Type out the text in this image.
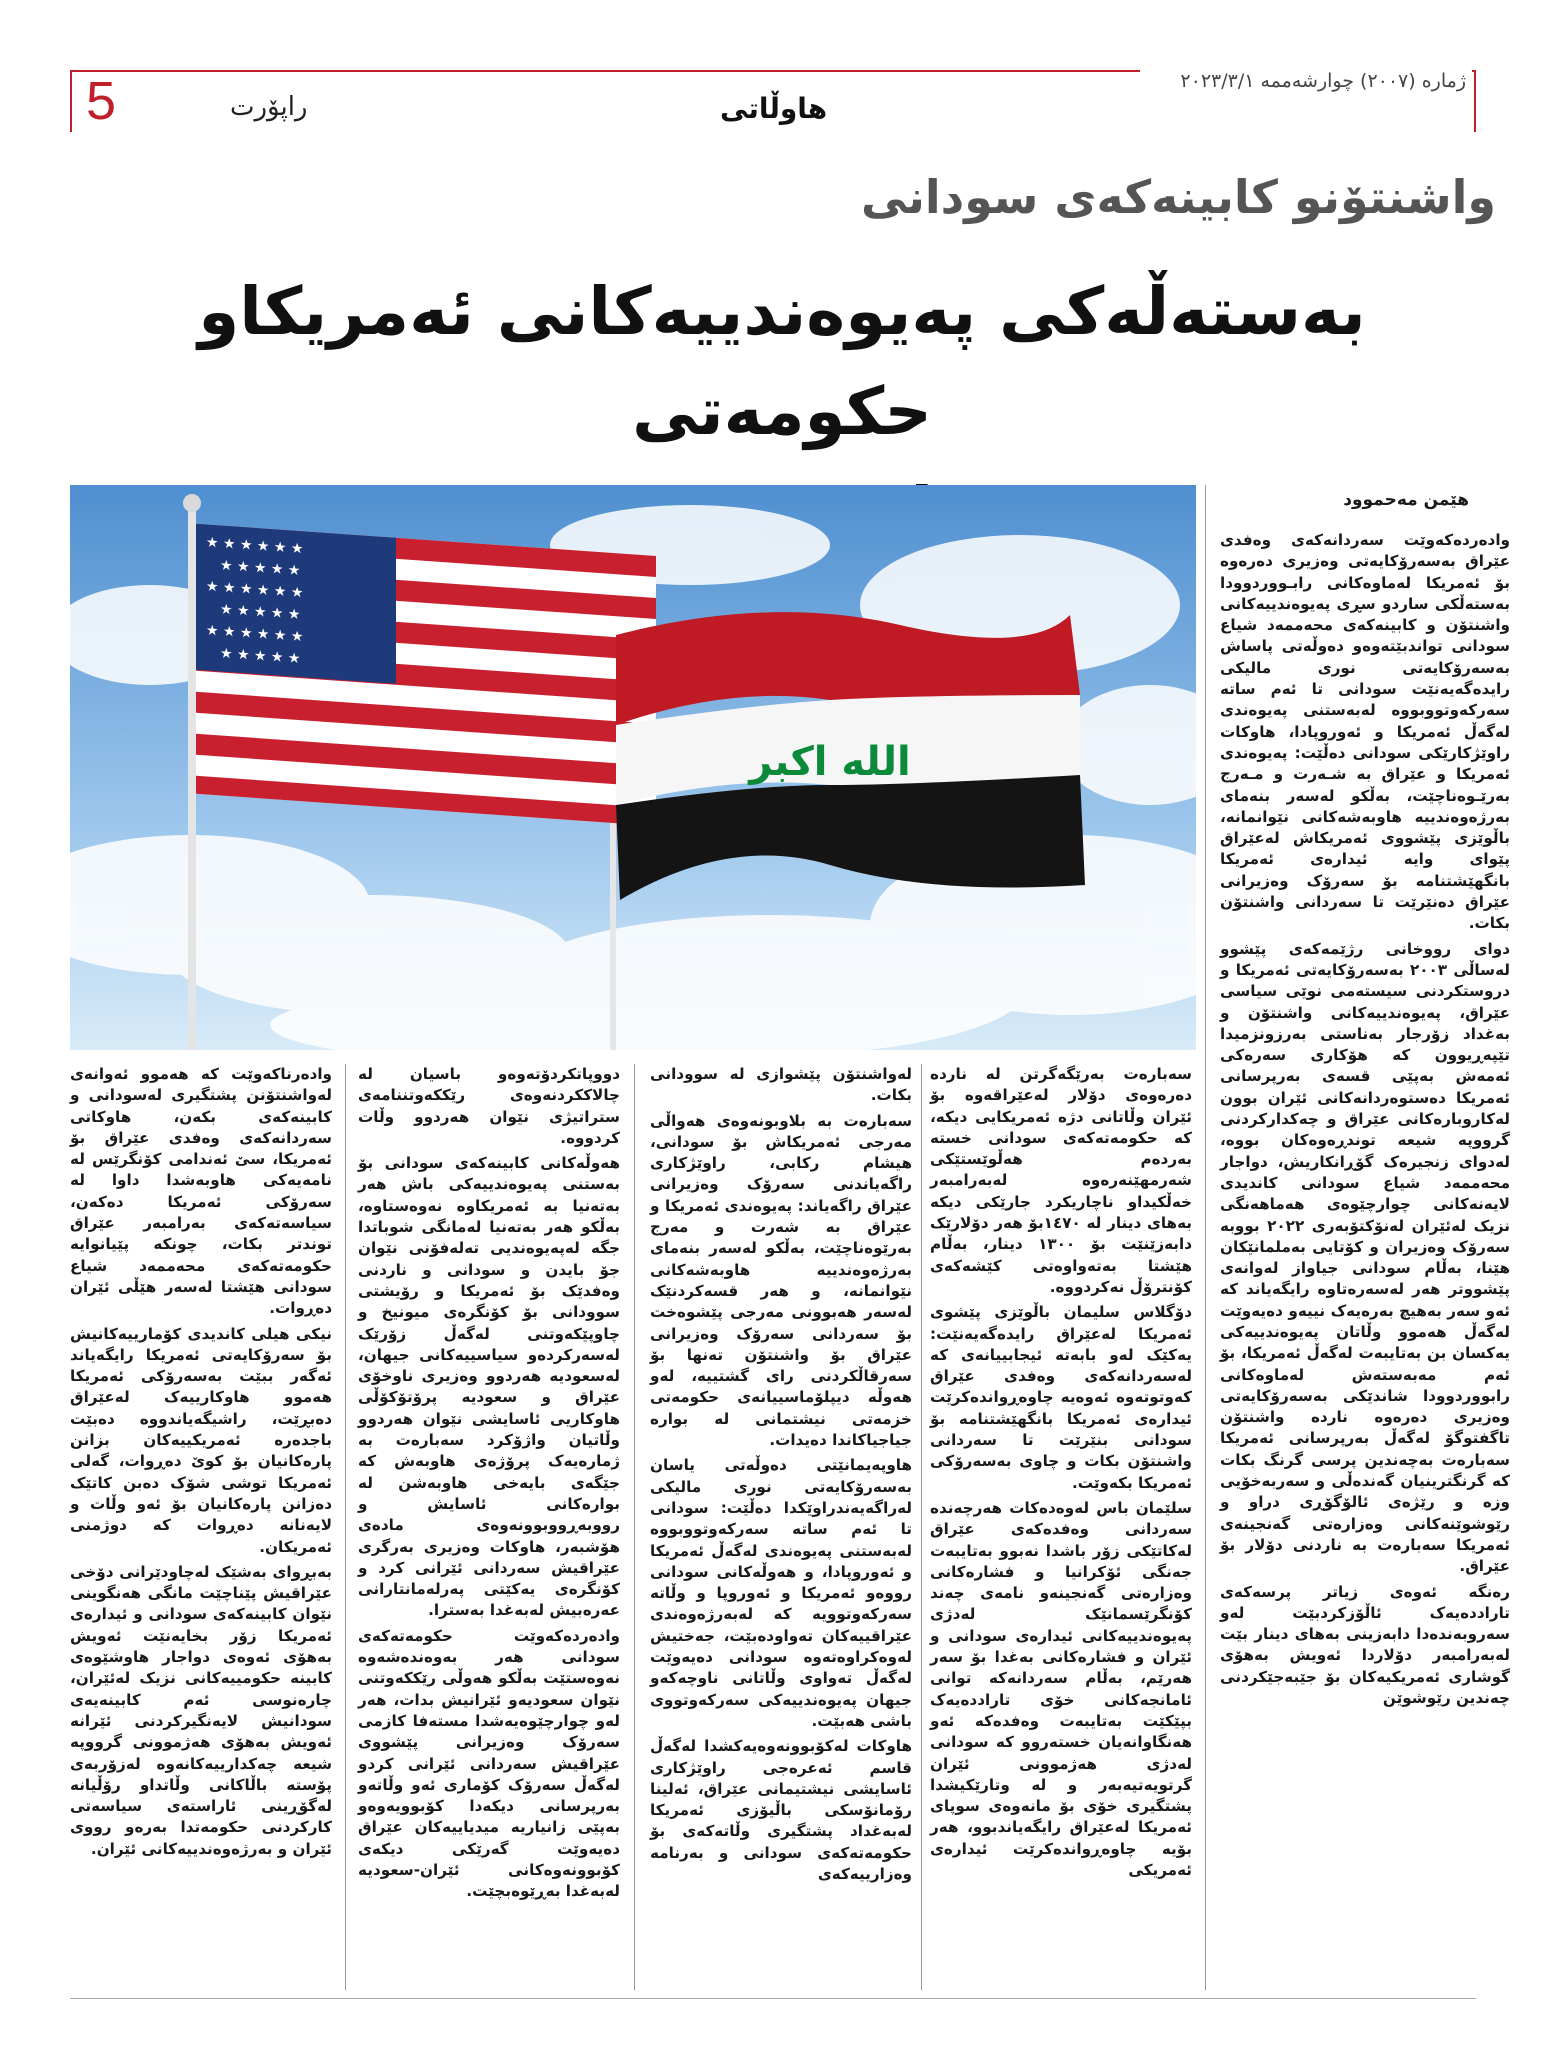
5	راپۆرت	هاوڵاتی
ژمارە (٢٠٠٧) چوارشەممە ٢٠٢٣/٣/١
واشنتۆنو کابینەکەی سودانی
بەستەڵەکی پەیوەندییەکانی ئەمریکاو حکومەتی
★ ★ ★ ★ ★ ★
★ ★ ★ ★ ★
★ ★ ★ ★ ★ ★
★ ★ ★ ★ ★
★ ★ ★ ★ ★ ★
★ ★ ★ ★ ★
الله اكبر
هێمن مەحموود

وادەردەکەوێت سەردانەکەی وەفدی عێراق بەسەرۆکایەتی وەزیری دەرەوە بۆ ئەمریکا لەماوەکانی رابـووردوودا بەستەڵکی ساردو سڕی پەیوەندییەکانی واشنتۆن و کابینەکەی محەممەد شیاع سودانی تواندبێتەوەو دەوڵەتی پاساش بەسەرۆکایەتی نوری مالیکی رایدەگەیەنێت سودانی تا ئەم ساتە سەرکەوتووبووە لەبەستنی پەیوەندی لەگەڵ ئەمریکا و ئەوروپادا، هاوکات راوێژکارێکی سودانی دەڵێت: پەیوەندی ئەمریکا و عێراق بە شـەرت و مـەرج بەرێـوەناچێت، بەڵکو لەسەر بنەمای بەرژەوەندییە هاوبەشەکانی نێوانمانە، باڵوێزی پێشووی ئەمریکاش لەعێراق پێوای وایە ئیدارەی ئەمریکا بانگهێشتنامە بۆ سەرۆک وەزیرانی عێراق دەنێرێت تا سەردانی واشنتۆن بکات.

دوای رووخانی رژێمەکەی پێشوو لەساڵی ٢٠٠٣ بەسەرۆکایەتی ئەمریکا و دروستکردنی سیستەمی نوێی سیاسی عێراق، پەیوەندییەکانی واشنتۆن و بەغداد زۆرجار بەناستی بەرزونزمیدا تێپەڕیوون کە هۆکاری سەرەکی ئەمەش بەپێی قسەی بەرپرسانی ئەمریکا دەستوەردانەکانی ئێران بوون لەکاروبارەکانی عێراق و چەکدارکردنی گرووپە شیعە توندڕەوەکان بووە، لەدوای زنجیرەک گۆڕانکاریش، دواجار محەممەد شیاع سودانی کاندیدی لایەنەکانی چوارچێوەی هەماهەنگی نزیک لەئێران لەنۆکتۆبەری ٢٠٢٢ بووبە سەرۆک وەزیران و کۆتایی بەملمانێکان هێنا، بەڵام سودانی جیاواز لەوانەی پێشووتر هەر لەسەرەتاوە رایگەیاند کە ئەو سەر بەهیچ بەرەیەک نییەو دەیەوێت لەگەڵ هەموو وڵاتان پەیوەندییەکی یەکسان بن بەتایبەت لەگەڵ ئەمریکا، بۆ ئەم مەبەستەش لەماوەکانی رابووردوودا شاندێکی بەسەرۆکایەتی وەزیری دەرەوە ناردە واشنتۆن تاگفتوگۆ لەگەڵ بەرپرسانی ئەمریکا سەبارەت بەچەندین پرسی گرنگ بکات کە گرنگترینیان گەندەڵی و سەربەخۆیی وزە و رێژەی ئالۆگۆڕی دراو و رێوشوێنەکانی وەزارەتی گەنجینەی ئەمریکا سەبارەت بە ناردنی دۆلار بۆ عێراق.

رەنگە ئەوەی زیاتر پرسەکەی تاراددەیەک ئاڵۆزکردبێت لەو سەروبەندەدا دابەزینی بەهای دینار بێت لەبەرامبەر دۆلاردا ئەویش بەهۆی گوشاری ئەمریکیەکان بۆ جێبەجێکردنی چەندین رێوشوێن

سەبارەت بەرێگەگرتن لە ناردە دەرەوەی دۆلار لەعێراقەوە بۆ ئێران وڵاتانی دژە ئەمریکایی دیکە، کە حکومەتەکەی سودانی خستە بەردەم هەڵوێستێکی شەرمهێنەرەوە لەبەرامبەر خەڵکیداو ناچاریکرد جارێکی دیکە بەهای دینار لە ١٤٧٠بۆ هەر دۆلارێک دابەزێنێت بۆ ١٣٠٠ دینار، بەڵام هێشتا بەتەواوەتی کێشەکەی کۆنترۆڵ نەکردووە.

دۆگلاس سلیمان باڵوێزی پێشوی ئەمریکا لەعێراق رایدەگەیەنێت: یەکێک لەو بابەتە ئیجابییانەی کە لەسەردانەکەی وەفدی عێراق کەوتوتەوە ئەوەیە چاوەڕواندەکرێت ئیدارەی ئەمریکا بانگهێشتنامە بۆ سودانی بنێرێت تا سەردانی واشنتۆن بکات و چاوی بەسەرۆکی ئەمریکا بکەوێت.

سلێمان باس لەوەدەکات هەرچەندە سەردانی وەفدەکەی عێراق لەکاتێکی زۆر باشدا نەبوو بەتایبەت جەنگی ئۆکرانیا و فشارەکانی وەزارەتی گەنجینەو نامەی چەند کۆنگرێسمانێک لەدژی پەیوەندییەکانی ئیدارەی سودانی و ئێران و فشارەکانی بەغدا بۆ سەر هەرێم، بەڵام سەردانەکە توانی ئامانجەکانی خۆی تاراددەیەک بپێکێت بەتایبەت وەفدەکە ئەو هەنگاوانەیان خستەروو کە سودانی لەدژی هەژموونی ئێران گرتویەتیەبەر و لە وتارێکیشدا پشتگیری خۆی بۆ مانەوەی سوپای ئەمریکا لەعێراق رایگەیاندبوو، هەر بۆیە چاوەڕواندەکرێت ئیدارەی ئەمریکی

لەواشنتۆن پێشوازی لە سوودانی بکات.

سەبارەت بە بلاوبونەوەی هەواڵی مەرجی ئەمریکاش بۆ سودانی، هیشام رکابی، راوێژکاری راگەیاندنی سەرۆک وەزیرانی عێراق راگەیاند: پەیوەندی ئەمریکا و عێراق بە شەرت و مەرج بەرێوەناچێت، بەڵکو لەسەر بنەمای بەرژەوەندییە هاوبەشەکانی نێوانمانە، و هەر قسەکردنێک لەسەر هەبوونی مەرجی پێشوەخت بۆ سەردانی سەرۆک وەزیرانی عێراق بۆ واشنتۆن تەنها بۆ سەرقاڵکردنی رای گشتییە، لەو هەوڵە دیپلۆماسییانەی حکومەتی خزمەتی نیشتمانی لە بوارە جیاجیاکاندا دەیدات.

هاوپەیمانێتی دەوڵەتی یاسان بەسەرۆکایەتی نوری مالیکی لەراگەیەندراوێکدا دەڵێت: سودانی تا ئەم ساتە سەرکەوتووبووە لەبەستنی پەیوەندی لەگەڵ ئەمریکا و ئەوروپادا، و هەوڵەکانی سودانی رووەو ئەمریکا و ئەوروپا و وڵاتە سەرکەوتوویە کە لەبەرژەوەندی عێراقییەکان تەواودەبێت، جەختیش لەوەکراوەتەوە سودانی دەیەوێت لەگەڵ تەواوی وڵاتانی ناوچەکەو جیهان پەیوەندییەکی سەرکەوتووی باشی هەبێت.

هاوکات لەکۆبوونەوەیەکشدا لەگەڵ قاسم ئەعرەجی راوێژکاری ئاسایشی نیشتیمانی عێراق، ئەلینا رۆمانۆسکی باڵیۆزی ئەمریکا لەبەغداد پشتگیری وڵاتەکەی بۆ حکومەتەکەی سودانی و بەرنامە وەزارییەکەی

دووپاتکردۆتەوەو باسیان لە چالاککردنەوەی رێککەوتننامەی ستراتیژی نێوان هەردوو وڵات کردووە.

هەوڵەکانی کابینەکەی سودانی بۆ بەستنی پەیوەندییەکی باش هەر بەتەنیا بە ئەمریکاوە نەوەستاوە، بەڵکو هەر بەتەنیا لەمانگی شوباتدا جگە لەپەیوەندیی تەلەفۆنی نێوان جۆ بایدن و سودانی و ناردنی وەفدێک بۆ ئەمریکا و رۆیشتی سوودانی بۆ کۆنگرەی میونیخ و چاوپێکەوتنی لەگەڵ زۆرێک لەسەرکردەو سیاسییەکانی جیهان، لەسعودیە هەردوو وەزیری ناوخۆی عێراق و سعودیە پرۆتۆکۆڵی هاوکاریی ئاسایشی نێوان هەردوو وڵاتیان واژۆکرد سەبارەت بە ژمارەیەک پرۆژەی هاوبەش کە جێگەی بایەخی هاوبەشن لە بوارەکانی ئاسایش و رووبەڕووبوونەوەی مادەی هۆشبەر، هاوکات وەزیری بەرگری عێراقیش سەردانی ئێرانی کرد و کۆنگرەی یەکێتی پەرلەمانتارانی عەرەبیش لەبەغدا بەسترا.

وادەردەکەوێت حکومەتەکەی سودانی هەر بەوەندەشەوە نەوەستێت بەڵکو هەوڵی رێککەوتنی نێوان سعودیەو ئێرانیش بدات، هەر لەو چوارچێوەیەشدا مستەفا کازمی سەرۆک وەزیرانی پێشووی عێراقیش سەردانی ئێرانی کردو لەگەڵ سەرۆک کۆماری ئەو وڵاتەو بەرپرسانی دیکەدا کۆبوویەوەو بەپێی زانیاریە میدیاییەکان عێراق دەیەوێت گەرێکی دیکەی کۆبوونەوەکانی ئێران-سعودیە لەبەغدا بەڕێوەبچێت.

وادەرناکەوێت کە هەموو ئەوانەی لەواشنتۆنن پشتگیری لەسودانی و کابینەکەی بکەن، هاوکاتی سەردانەکەی وەفدی عێراق بۆ ئەمریکا، سێ ئەندامی کۆنگرێس لە نامەیەکی هاوبەشدا داوا لە سەرۆکی ئەمریکا دەکەن، سیاسەتەکەی بەرامبەر عێراق توندتر بکات، چونکە پێیانوایە حکومەتەکەی محەممەد شیاع سودانی هێشتا لەسەر هێڵی ئێران دەڕوات.

نیکی هیلی کاندیدی کۆمارییەکانیش بۆ سەرۆکایەتی ئەمریکا رایگەیاند ئەگەر ببێت بەسەرۆکی ئەمریکا هەموو هاوکارییەک لەعێراق دەبڕێت، راشیگەیاندووە دەبێت باجدەرە ئەمریکییەکان بزانن پارەکانیان بۆ کوێ دەڕوات، گەلی ئەمریکا توشی شۆک دەبن کاتێک دەزانن پارەکانیان بۆ ئەو وڵات و لایەنانە دەڕوات کە دوژمنی ئەمریکان.

بەبڕوای بەشێک لەچاودێرانی دۆخی عێراقیش پێناچێت مانگی هەنگوینی نێوان کابینەکەی سودانی و ئیدارەی ئەمریکا زۆر بخایەنێت ئەویش بەهۆی ئەوەی دواجار هاوشێوەی کابینە حکومییەکانی نزیک لەئێران، چارەنوسی ئەم کابینەیەی سودانیش لایەنگیرکردنی ئێرانە ئەویش بەهۆی هەژموونی گرووپە شیعە چەکدارییەکانەوە لەزۆربەی پۆستە باڵاکانی وڵاتداو رۆڵیانە لەگۆڕینی ئاراستەی سیاسەتی کارکردنی حکومەتدا بەرەو رووی ئێران و بەرژەوەندییەکانی ئێران.
